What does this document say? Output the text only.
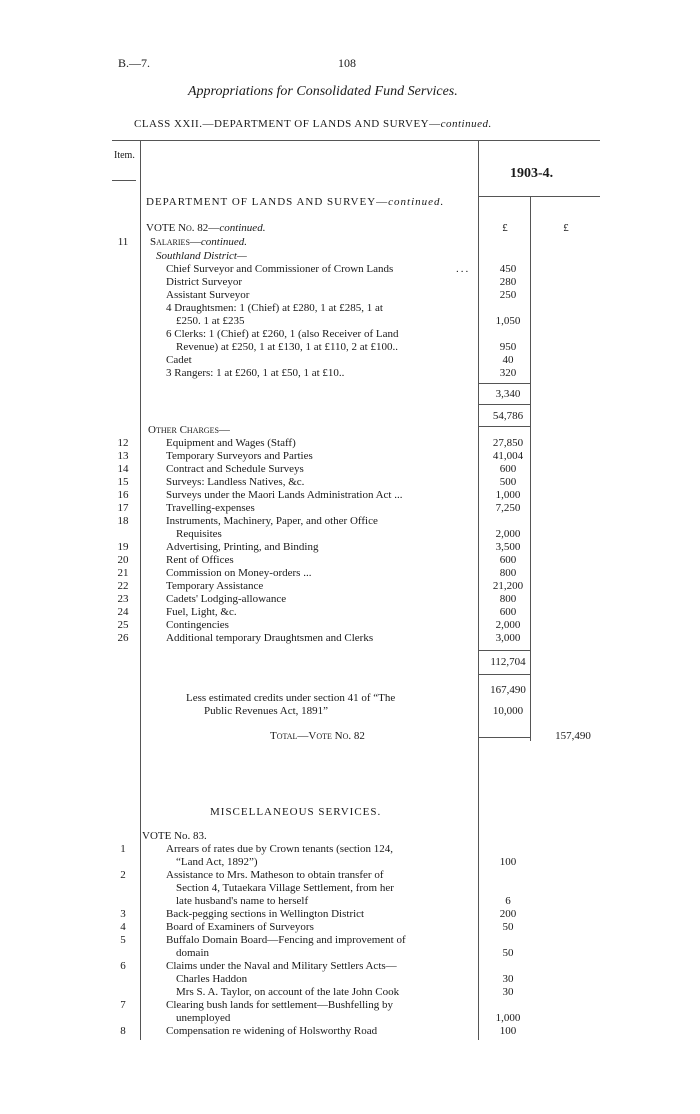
B.—7.	108
Appropriations for Consolidated Fund Services.
CLASS XXII.—DEPARTMENT OF LANDS AND SURVEY—continued.
Item.
1903-4.
DEPARTMENT OF LANDS AND SURVEY—continued.
VOTE No. 82—continued.	£	£
11	Salaries—continued.
Southland District—
Chief Surveyor and Commissioner of Crown Lands	...	450
District Surveyor	280
Assistant Surveyor	250
4 Draughtsmen: 1 (Chief) at £280, 1 at £285, 1 at
£250. 1 at £235	1,050
6 Clerks: 1 (Chief) at £260, 1 (also Receiver of Land
Revenue) at £250, 1 at £130, 1 at £110, 2 at £100..	950
Cadet	40
3 Rangers: 1 at £260, 1 at £50, 1 at £10..	320
3,340
54,786
Other Charges—
12	Equipment and Wages (Staff)	27,850
13	Temporary Surveyors and Parties	41,004
14	Contract and Schedule Surveys	600
15	Surveys: Landless Natives, &c.	500
16	Surveys under the Maori Lands Administration Act ...	1,000
17	Travelling-expenses	7,250
18	Instruments, Machinery, Paper, and other Office
Requisites	2,000
19	Advertising, Printing, and Binding	3,500
20	Rent of Offices	600
21	Commission on Money-orders ...	800
22	Temporary Assistance	21,200
23	Cadets' Lodging-allowance	800
24	Fuel, Light, &c.	600
25	Contingencies	2,000
26	Additional temporary Draughtsmen and Clerks	3,000
112,704
167,490
Less estimated credits under section 41 of “The
Public Revenues Act, 1891”	10,000
Total—Vote No. 82	157,490
MISCELLANEOUS SERVICES.
VOTE No. 83.
1	Arrears of rates due by Crown tenants (section 124,
“Land Act, 1892”)	100
2	Assistance to Mrs. Matheson to obtain transfer of
Section 4, Tutaekara Village Settlement, from her
late husband's name to herself	6
3	Back-pegging sections in Wellington District	200
4	Board of Examiners of Surveyors	50
5	Buffalo Domain Board—Fencing and improvement of
domain	50
6	Claims under the Naval and Military Settlers Acts—
Charles Haddon	30
Mrs S. A. Taylor, on account of the late John Cook	30
7	Clearing bush lands for settlement—Bushfelling by
unemployed	1,000
8	Compensation re widening of Holsworthy Road	100
